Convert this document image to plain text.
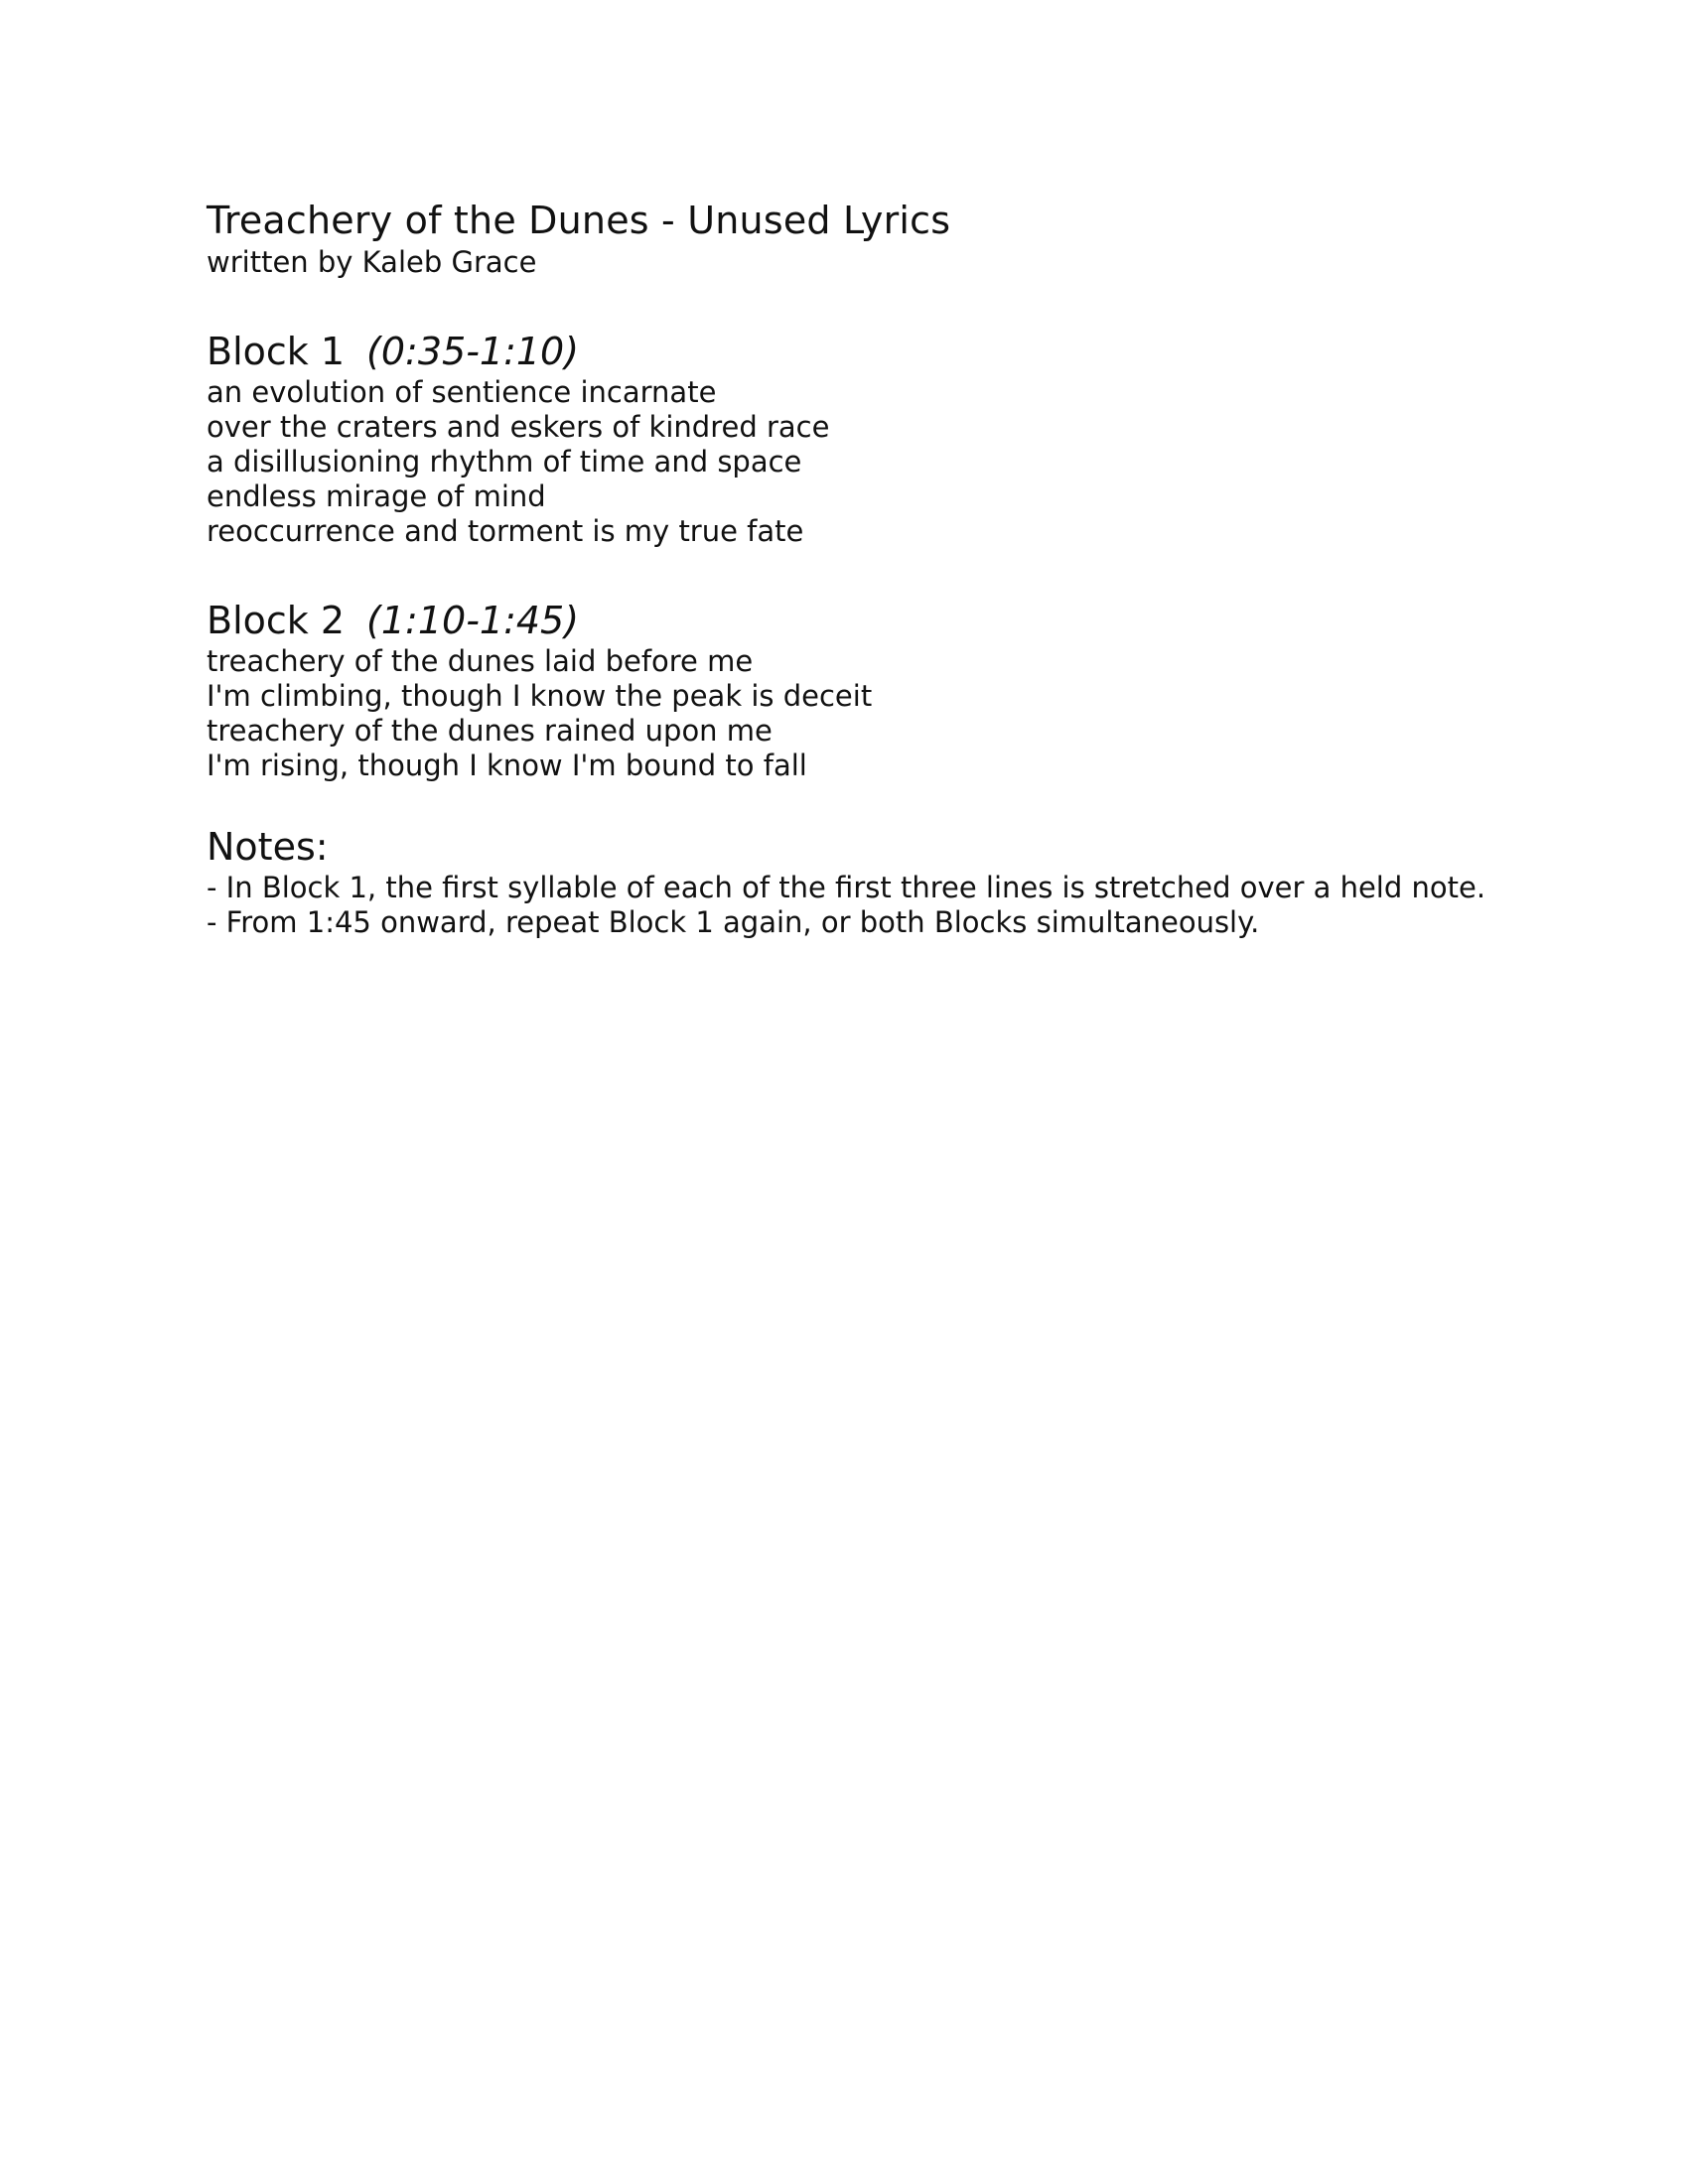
Treachery of the Dunes - Unused Lyrics

written by Kaleb Grace

Block 1 (0:35-1:10)

an evolution of sentience incarnate

over the craters and eskers of kindred race

a disillusioning rhythm of time and space

endless mirage of mind

reoccurrence and torment is my true fate

Block 2 (1:10-1:45)

treachery of the dunes laid before me

I'm climbing, though I know the peak is deceit

treachery of the dunes rained upon me

I'm rising, though I know I'm bound to fall

Notes:

- In Block 1, the first syllable of each of the first three lines is stretched over a held note.

- From 1:45 onward, repeat Block 1 again, or both Blocks simultaneously.
